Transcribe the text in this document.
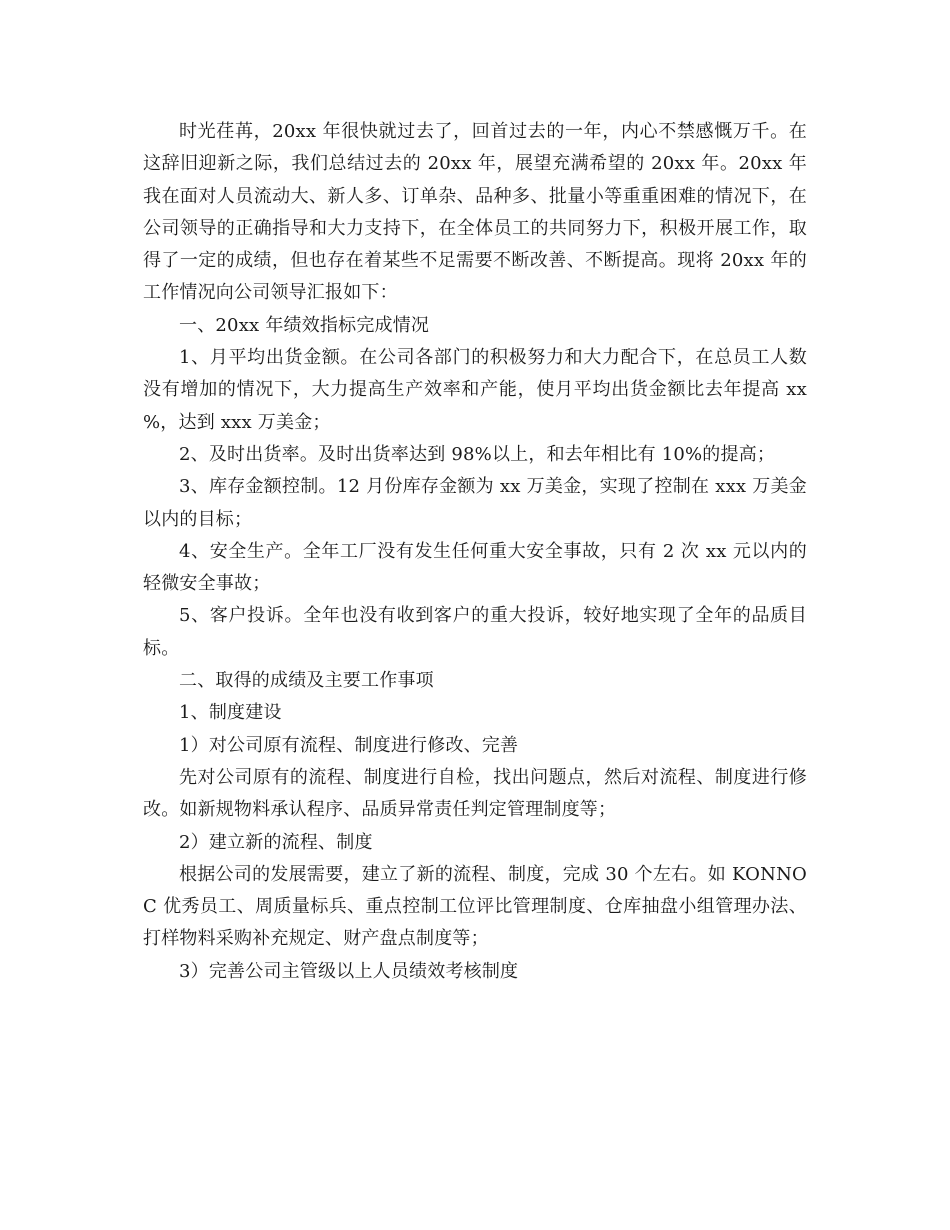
时光荏苒，20xx 年很快就过去了，回首过去的一年，内心不禁感慨万千。在这辞旧迎新之际，我们总结过去的 20xx 年，展望充满希望的 20xx 年。20xx 年我在面对人员流动大、新人多、订单杂、品种多、批量小等重重困难的情况下，在公司领导的正确指导和大力支持下，在全体员工的共同努力下，积极开展工作，取得了一定的成绩，但也存在着某些不足需要不断改善、不断提高。现将 20xx 年的工作情况向公司领导汇报如下：

一、20xx 年绩效指标完成情况

1、月平均出货金额。在公司各部门的积极努力和大力配合下，在总员工人数没有增加的情况下，大力提高生产效率和产能，使月平均出货金额比去年提高 xx %，达到 xxx 万美金；

2、及时出货率。及时出货率达到 98%以上，和去年相比有 10%的提高；

3、库存金额控制。12 月份库存金额为 xx 万美金，实现了控制在 xxx 万美金以内的目标；

4、安全生产。全年工厂没有发生任何重大安全事故，只有 2 次 xx 元以内的轻微安全事故；

5、客户投诉。全年也没有收到客户的重大投诉，较好地实现了全年的品质目标。

二、取得的成绩及主要工作事项

1、制度建设

1）对公司原有流程、制度进行修改、完善

先对公司原有的流程、制度进行自检，找出问题点，然后对流程、制度进行修改。如新规物料承认程序、品质异常责任判定管理制度等；

2）建立新的流程、制度

根据公司的发展需要，建立了新的流程、制度，完成 30 个左右。如 KONNOC 优秀员工、周质量标兵、重点控制工位评比管理制度、仓库抽盘小组管理办法、打样物料采购补充规定、财产盘点制度等；

3）完善公司主管级以上人员绩效考核制度
